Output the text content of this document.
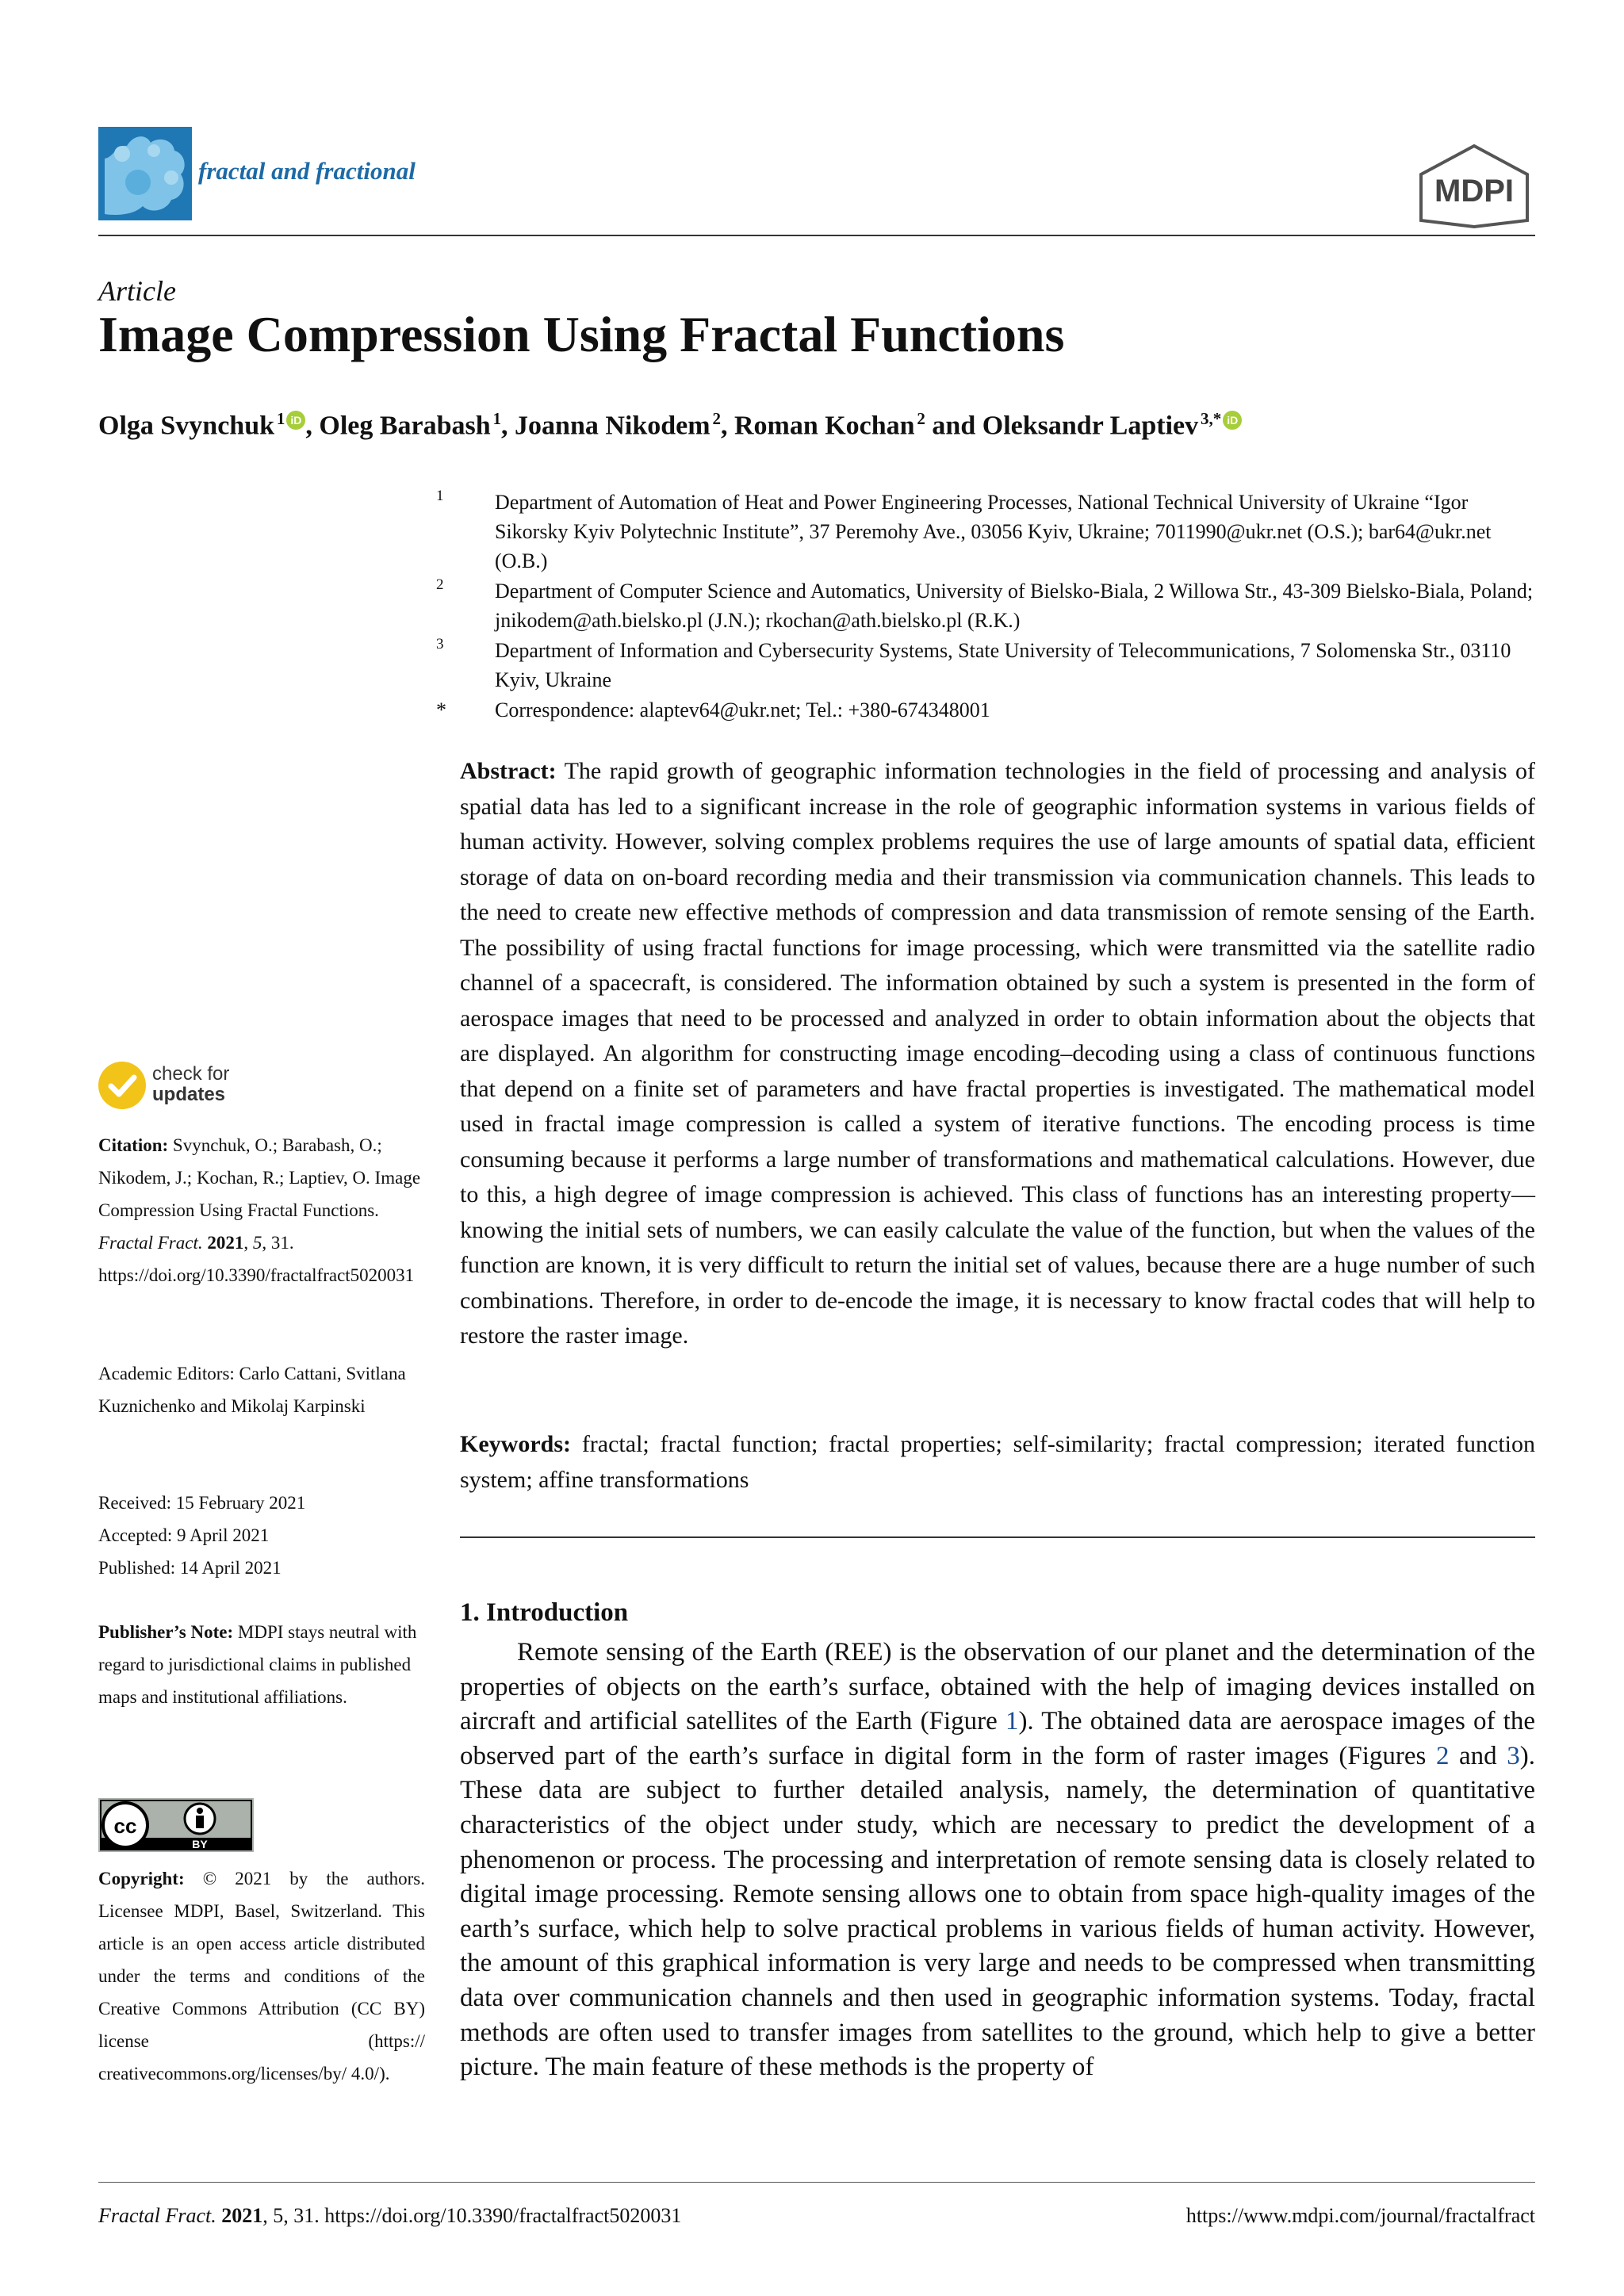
fractal and fractional
MDPI
Article
Image Compression Using Fractal Functions
Olga Svynchuk  $^1$ iD , Oleg Barabash  $^1$, Joanna Nikodem  $^2$, Roman Kochan  $^2$ and Oleksandr Laptiev  $^{3,*}$ iD
1 Department of Automation of Heat and Power Engineering Processes, National Technical University of Ukraine “Igor Sikorsky Kyiv Polytechnic Institute”, 37 Peremohy Ave., 03056 Kyiv, Ukraine; 7011990@ukr.net (O.S.); bar64@ukr.net (O.B.)
2 Department of Computer Science and Automatics, University of Bielsko-Biala, 2 Willowa Str., 43-309 Bielsko-Biala, Poland; jnikodem@ath.bielsko.pl (J.N.); rkochan@ath.bielsko.pl (R.K.)
3 Department of Information and Cybersecurity Systems, State University of Telecommunications, 7 Solomenska Str., 03110 Kyiv, Ukraine
* Correspondence: alaptev64@ukr.net; Tel.: +380-674348001
Abstract: The rapid growth of geographic information technologies in the field of processing and analysis of spatial data has led to a significant increase in the role of geographic information systems in various fields of human activity. However, solving complex problems requires the use of large amounts of spatial data, efficient storage of data on on-board recording media and their transmission via communication channels. This leads to the need to create new effective methods of compression and data transmission of remote sensing of the Earth. The possibility of using fractal functions for image processing, which were transmitted via the satellite radio channel of a spacecraft, is considered. The information obtained by such a system is presented in the form of aerospace images that need to be processed and analyzed in order to obtain information about the objects that are displayed. An algorithm for constructing image encoding–decoding using a class of continuous functions that depend on a finite set of parameters and have fractal properties is investigated. The mathematical model used in fractal image compression is called a system of iterative functions. The encoding process is time consuming because it performs a large number of transformations and mathematical calculations. However, due to this, a high degree of image compression is achieved. This class of functions has an interesting property—knowing the initial sets of numbers, we can easily calculate the value of the function, but when the values of the function are known, it is very difficult to return the initial set of values, because there are a huge number of such combinations. Therefore, in order to de-encode the image, it is necessary to know fractal codes that will help to restore the raster image.
Keywords: fractal; fractal function; fractal properties; self-similarity; fractal compression; iterated function system; affine transformations
1. Introduction
Remote sensing of the Earth (REE) is the observation of our planet and the determination of the properties of objects on the earth’s surface, obtained with the help of imaging devices installed on aircraft and artificial satellites of the Earth (Figure 1). The obtained data are aerospace images of the observed part of the earth’s surface in digital form in the form of raster images (Figures 2 and 3). These data are subject to further detailed analysis, namely, the determination of quantitative characteristics of the object under study, which are necessary to predict the development of a phenomenon or process. The processing and interpretation of remote sensing data is closely related to digital image processing. Remote sensing allows one to obtain from space high-quality images of the earth’s surface, which help to solve practical problems in various fields of human activity. However, the amount of this graphical information is very large and needs to be compressed when transmitting data over communication channels and then used in geographic information systems. Today, fractal methods are often used to transfer images from satellites to the ground, which help to give a better picture. The main feature of these methods is the property of
check for
updates
Citation: Svynchuk, O.; Barabash, O.; Nikodem, J.; Kochan, R.; Laptiev, O. Image Compression Using Fractal Functions. Fractal Fract. 2021, 5, 31. https://doi.org/10.3390/fractalfract5020031
Academic Editors: Carlo Cattani, Svitlana Kuznichenko and Mikolaj Karpinski
Received: 15 February 2021
Accepted: 9 April 2021
Published: 14 April 2021
Publisher’s Note: MDPI stays neutral with regard to jurisdictional claims in published maps and institutional affiliations.
cc
BY
Copyright: © 2021 by the authors. Licensee MDPI, Basel, Switzerland. This article is an open access article distributed under the terms and conditions of the Creative Commons Attribution (CC BY) license (https:// creativecommons.org/licenses/by/ 4.0/).
Fractal Fract. 2021, 5, 31. https://doi.org/10.3390/fractalfract5020031	https://www.mdpi.com/journal/fractalfract
